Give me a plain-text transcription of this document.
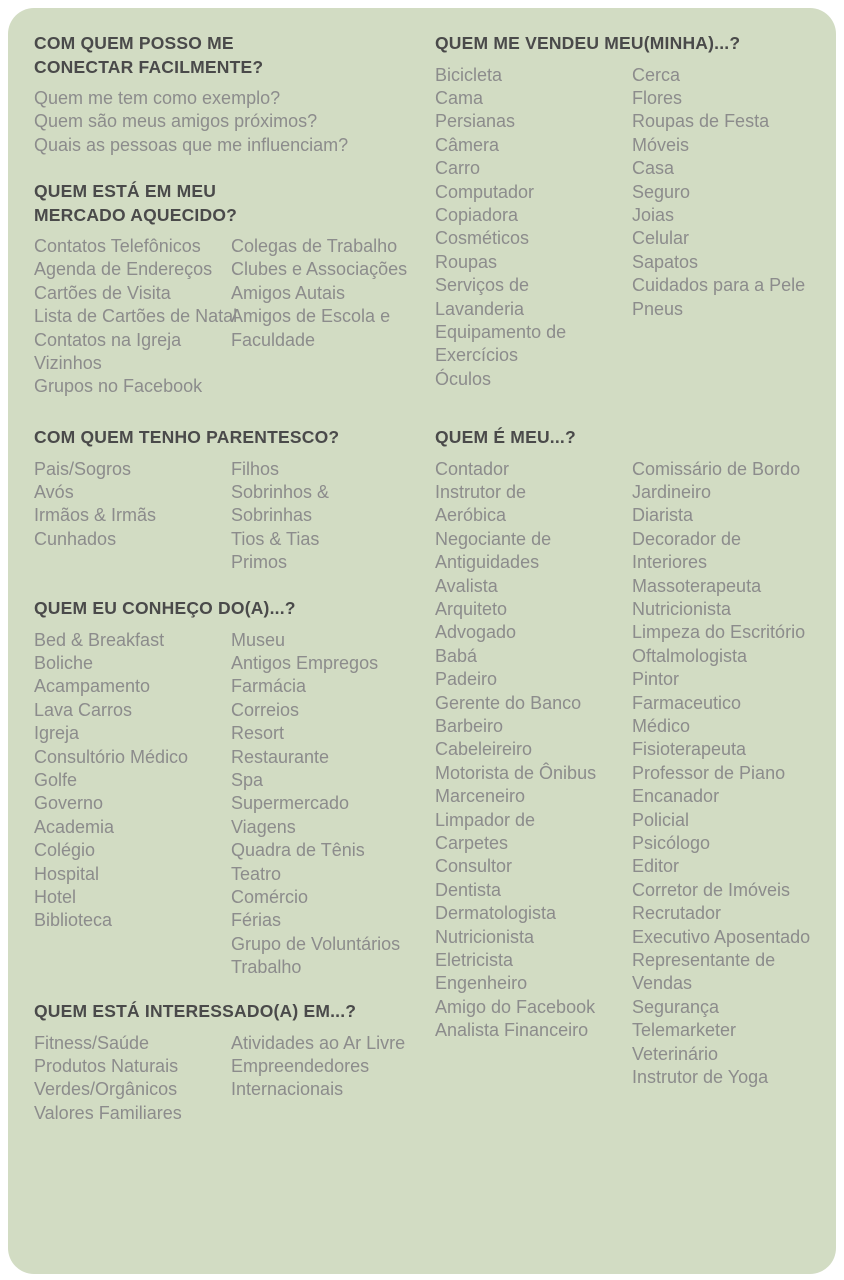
COM QUEM POSSO ME
CONECTAR FACILMENTE?
Quem me tem como exemplo?
Quem são meus amigos próximos?
Quais as pessoas que me influenciam?
QUEM ESTÁ EM MEU
MERCADO AQUECIDO?
Contatos Telefônicos
Agenda de Endereços
Cartões de Visita
Lista de Cartões de Natal
Contatos na Igreja
Vizinhos
Grupos no Facebook
Colegas de Trabalho
Clubes e Associações
Amigos Autais
Amigos de Escola e
Faculdade
COM QUEM TENHO PARENTESCO?
Pais/Sogros
Avós
Irmãos & Irmãs
Cunhados
Filhos
Sobrinhos &
Sobrinhas
Tios & Tias
Primos
QUEM EU CONHEÇO DO(A)...?
Bed & Breakfast
Boliche
Acampamento
Lava Carros
Igreja
Consultório Médico
Golfe
Governo
Academia
Colégio
Hospital
Hotel
Biblioteca
Museu
Antigos Empregos
Farmácia
Correios
Resort
Restaurante
Spa
Supermercado
Viagens
Quadra de Tênis
Teatro
Comércio
Férias
Grupo de Voluntários
Trabalho
QUEM ESTÁ INTERESSADO(A) EM...?
Fitness/Saúde
Produtos Naturais
Verdes/Orgânicos
Valores Familiares
Atividades ao Ar Livre
Empreendedores
Internacionais
QUEM ME VENDEU MEU(MINHA)...?
Bicicleta
Cama
Persianas
Câmera
Carro
Computador
Copiadora
Cosméticos
Roupas
Serviços de
Lavanderia
Equipamento de
Exercícios
Óculos
Cerca
Flores
Roupas de Festa
Móveis
Casa
Seguro
Joias
Celular
Sapatos
Cuidados para a Pele
Pneus
QUEM É MEU...?
Contador
Instrutor de
Aeróbica
Negociante de
Antiguidades
Avalista
Arquiteto
Advogado
Babá
Padeiro
Gerente do Banco
Barbeiro
Cabeleireiro
Motorista de Ônibus
Marceneiro
Limpador de
Carpetes
Consultor
Dentista
Dermatologista
Nutricionista
Eletricista
Engenheiro
Amigo do Facebook
Analista Financeiro
Comissário de Bordo
Jardineiro
Diarista
Decorador de
Interiores
Massoterapeuta
Nutricionista
Limpeza do Escritório
Oftalmologista
Pintor
Farmaceutico
Médico
Fisioterapeuta
Professor de Piano
Encanador
Policial
Psicólogo
Editor
Corretor de Imóveis
Recrutador
Executivo Aposentado
Representante de
Vendas
Segurança
Telemarketer
Veterinário
Instrutor de Yoga
